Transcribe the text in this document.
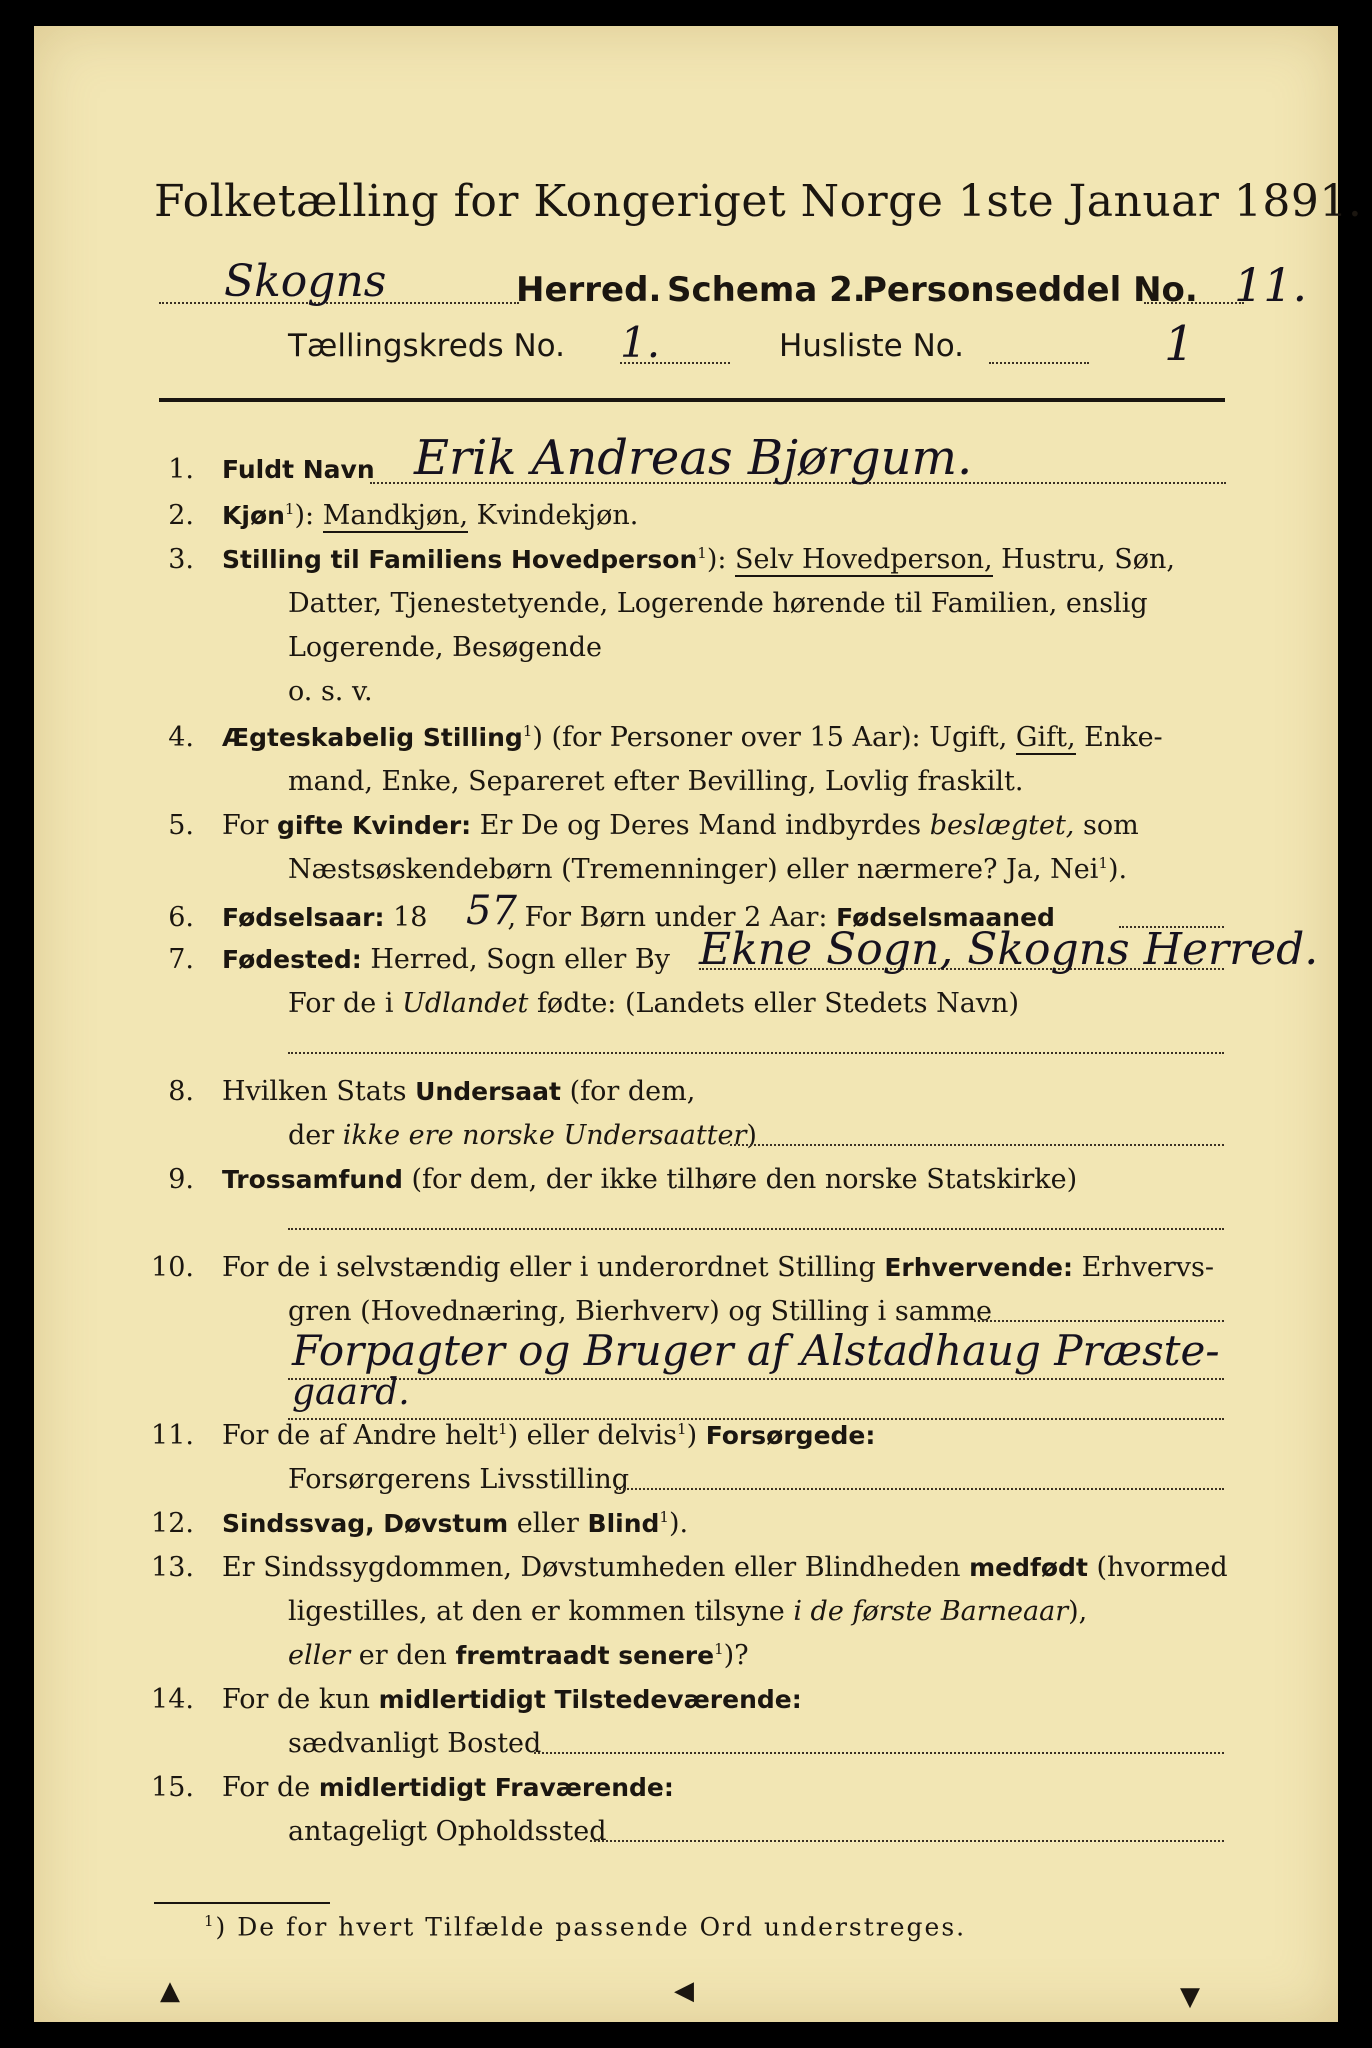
Folketælling for Kongeriget Norge 1ste Januar 1891.
Skogns	Herred. Schema 2.
Personseddel No. 11.
Tællingskreds No. 1.	Husliste No.	1
1. Fuldt Navn Erik Andreas Bjørgum.
2. Kjøn$^1$): Mandkjøn, Kvindekjøn.
3. Stilling til Familiens Hovedperson$^1$): Selv Hovedperson, Hustru, Søn,
Datter, Tjenestetyende, Logerende hørende til Familien, enslig
Logerende, Besøgende
o. s. v.
4. Ægteskabelig Stilling$^1$) (for Personer over 15 Aar): Ugift, Gift, Enke-
mand, Enke, Separeret efter Bevilling, Lovlig fraskilt.
5. For gifte Kvinder: Er De og Deres Mand indbyrdes beslægtet, som
Næstsøskendebørn (Tremenninger) eller nærmere? Ja, Nei$^1$).
6. Fødselsaar: 18	, For Børn under 2 Aar: Fødselsmaaned
57
7. Fødested: Herred, Sogn eller By Ekne Sogn, Skogns Herred.
For de i Udlandet fødte: (Landets eller Stedets Navn)
8. Hvilken Stats Undersaat (for dem,
der ikke ere norske Undersaatter)
9. Trossamfund (for dem, der ikke tilhøre den norske Statskirke)
10. For de i selvstændig eller i underordnet Stilling Erhvervende: Erhvervs-
gren (Hovednæring, Bierhverv) og Stilling i samme
Forpagter og Bruger af Alstadhaug Præste-
gaard.
11. For de af Andre helt$^1$) eller delvis$^1$) Forsørgede:
Forsørgerens Livsstilling
12. Sindssvag, Døvstum eller Blind$^1$).
13. Er Sindssygdommen, Døvstumheden eller Blindheden medfødt (hvormed
ligestilles, at den er kommen tilsyne i de første Barneaar),
eller er den fremtraadt senere$^1$)?
14. For de kun midlertidigt Tilstedeværende:
sædvanligt Bosted
15. For de midlertidigt Fraværende:
antageligt Opholdssted
$^1$) De for hvert Tilfælde passende Ord understreges.
▲	◀	▼
